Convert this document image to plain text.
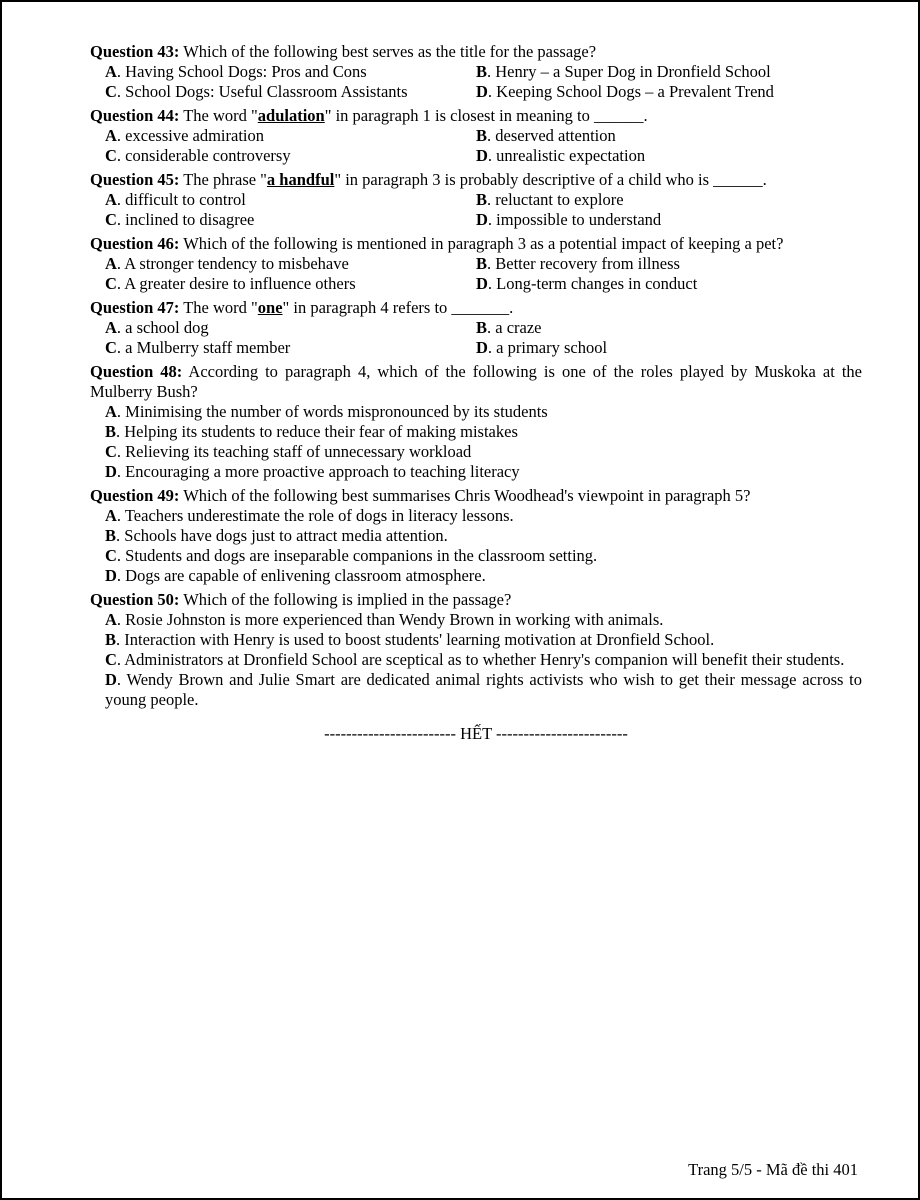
Question 43: Which of the following best serves as the title for the passage?
A. Having School Dogs: Pros and Cons	B. Henry – a Super Dog in Dronfield School
C. School Dogs: Useful Classroom Assistants	D. Keeping School Dogs – a Prevalent Trend
Question 44: The word "adulation" in paragraph 1 is closest in meaning to ______.
A. excessive admiration	B. deserved attention
C. considerable controversy	D. unrealistic expectation
Question 45: The phrase "a handful" in paragraph 3 is probably descriptive of a child who is ______.
A. difficult to control	B. reluctant to explore
C. inclined to disagree	D. impossible to understand
Question 46: Which of the following is mentioned in paragraph 3 as a potential impact of keeping a pet?
A. A stronger tendency to misbehave	B. Better recovery from illness
C. A greater desire to influence others	D. Long-term changes in conduct
Question 47: The word "one" in paragraph 4 refers to _______.
A. a school dog	B. a craze
C. a Mulberry staff member	D. a primary school
Question 48: According to paragraph 4, which of the following is one of the roles played by Muskoka at the Mulberry Bush?
A. Minimising the number of words mispronounced by its students
B. Helping its students to reduce their fear of making mistakes
C. Relieving its teaching staff of unnecessary workload
D. Encouraging a more proactive approach to teaching literacy
Question 49: Which of the following best summarises Chris Woodhead's viewpoint in paragraph 5?
A. Teachers underestimate the role of dogs in literacy lessons.
B. Schools have dogs just to attract media attention.
C. Students and dogs are inseparable companions in the classroom setting.
D. Dogs are capable of enlivening classroom atmosphere.
Question 50: Which of the following is implied in the passage?
A. Rosie Johnston is more experienced than Wendy Brown in working with animals.
B. Interaction with Henry is used to boost students' learning motivation at Dronfield School.
C. Administrators at Dronfield School are sceptical as to whether Henry's companion will benefit their students.
D. Wendy Brown and Julie Smart are dedicated animal rights activists who wish to get their message across to young people.
------------------------ HẾT ------------------------
Trang 5/5 - Mã đề thi 401
